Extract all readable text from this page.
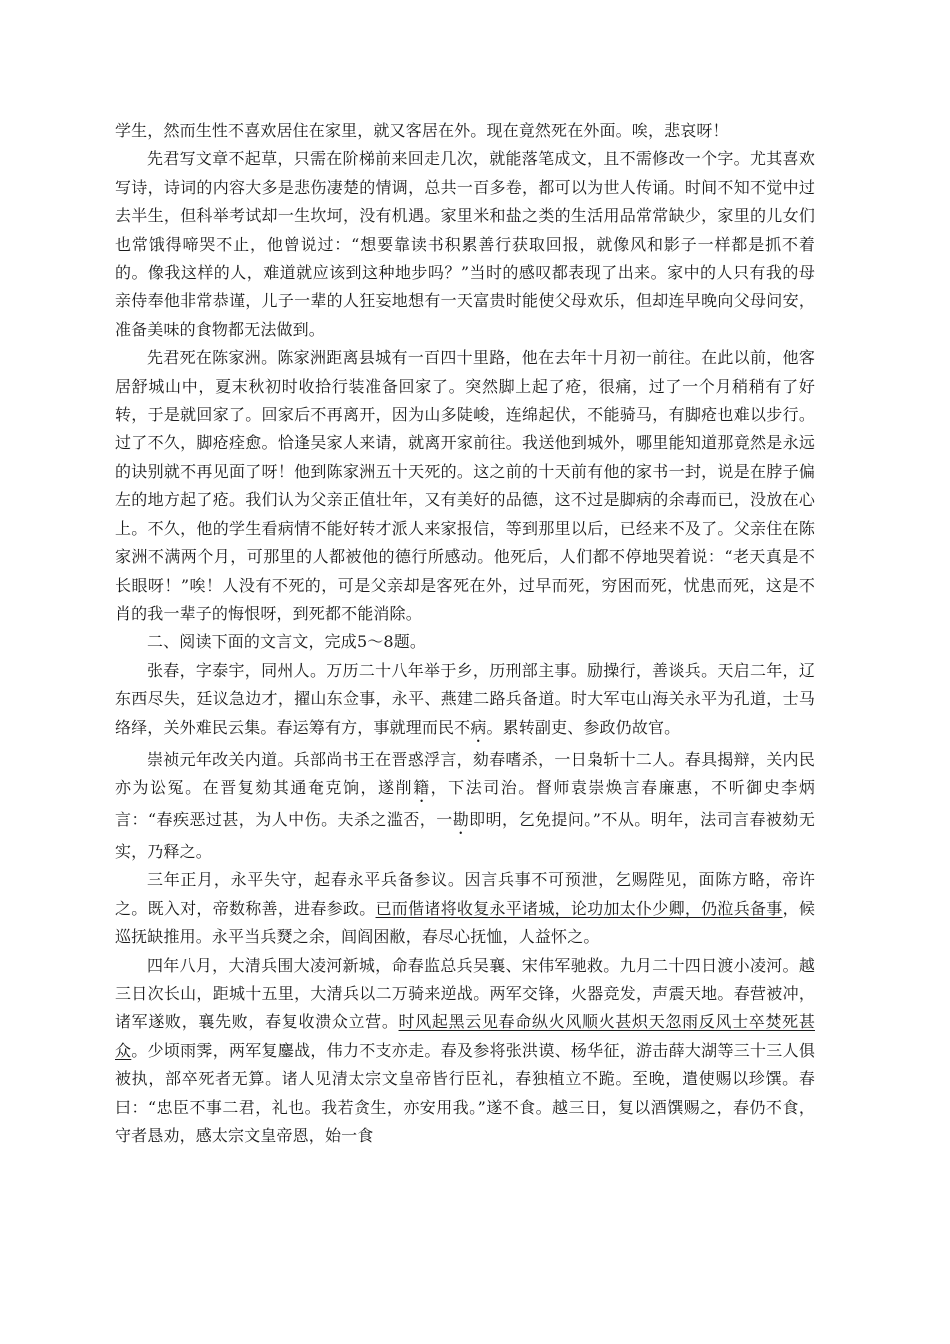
学生，然而生性不喜欢居住在家里，就又客居在外。现在竟然死在外面。唉，悲哀呀！

先君写文章不起草，只需在阶梯前来回走几次，就能落笔成文，且不需修改一个字。尤其喜欢写诗，诗词的内容大多是悲伤凄楚的情调，总共一百多卷，都可以为世人传诵。时间不知不觉中过去半生，但科举考试却一生坎坷，没有机遇。家里米和盐之类的生活用品常常缺少，家里的儿女们也常饿得啼哭不止，他曾说过：“想要靠读书积累善行获取回报，就像风和影子一样都是抓不着的。像我这样的人，难道就应该到这种地步吗？”当时的感叹都表现了出来。家中的人只有我的母亲侍奉他非常恭谨，儿子一辈的人狂妄地想有一天富贵时能使父母欢乐，但却连早晚向父母问安，准备美味的食物都无法做到。

先君死在陈家洲。陈家洲距离县城有一百四十里路，他在去年十月初一前往。在此以前，他客居舒城山中，夏末秋初时收拾行装准备回家了。突然脚上起了疮，很痛，过了一个月稍稍有了好转，于是就回家了。回家后不再离开，因为山多陡峻，连绵起伏，不能骑马，有脚疮也难以步行。过了不久，脚疮痊愈。恰逢吴家人来请，就离开家前往。我送他到城外，哪里能知道那竟然是永远的诀别就不再见面了呀！他到陈家洲五十天死的。这之前的十天前有他的家书一封，说是在脖子偏左的地方起了疮。我们认为父亲正值壮年，又有美好的品德，这不过是脚病的余毒而已，没放在心上。不久，他的学生看病情不能好转才派人来家报信，等到那里以后，已经来不及了。父亲住在陈家洲不满两个月，可那里的人都被他的德行所感动。他死后，人们都不停地哭着说：“老天真是不长眼呀！”唉！人没有不死的，可是父亲却是客死在外，过早而死，穷困而死，忧患而死，这是不肖的我一辈子的悔恨呀，到死都不能消除。

二、阅读下面的文言文，完成5～8题。

张春，字泰宇，同州人。万历二十八年举于乡，历刑部主事。励操行，善谈兵。天启二年，辽东西尽失，廷议急边才，擢山东佥事，永平、燕建二路兵备道。时大军屯山海关永平为孔道，士马络绎，关外难民云集。春运筹有方，事就理而民不病。累转副吏、参政仍故官。

崇祯元年改关内道。兵部尚书王在晋惑浮言，劾春嗜杀，一日枭斩十二人。春具揭辩，关内民亦为讼冤。在晋复劾其通奄克饷，遂削籍，下法司治。督师袁崇焕言春廉惠，不听御史李炳言：“春疾恶过甚，为人中伤。夫杀之滥否，一勘即明，乞免提问。”不从。明年，法司言春被劾无实，乃释之。

三年正月，永平失守，起春永平兵备参议。因言兵事不可预泄，乞赐陛见，面陈方略，帝许之。既入对，帝数称善，进春参政。已而偕诸将收复永平诸城，论功加太仆少卿，仍涖兵备事，候巡抚缺推用。永平当兵燹之余，闾阎困敝，春尽心抚恤，人益怀之。

四年八月，大清兵围大凌河新城，命春监总兵吴襄、宋伟军驰救。九月二十四日渡小凌河。越三日次长山，距城十五里，大清兵以二万骑来逆战。两军交锋，火器竞发，声震天地。春营被冲，诸军遂败，襄先败，春复收溃众立营。时风起黑云见春命纵火风顺火甚炽天忽雨反风士卒焚死甚众。少顷雨霁，两军复鏖战，伟力不支亦走。春及参将张洪谟、杨华征，游击薛大湖等三十三人俱被执，部卒死者无算。诸人见清太宗文皇帝皆行臣礼，春独植立不跪。至晚，遣使赐以珍馔。春曰：“忠臣不事二君，礼也。我若贪生，亦安用我。”遂不食。越三日，复以酒馔赐之，春仍不食，守者恳劝，感太宗文皇帝恩，始一食
